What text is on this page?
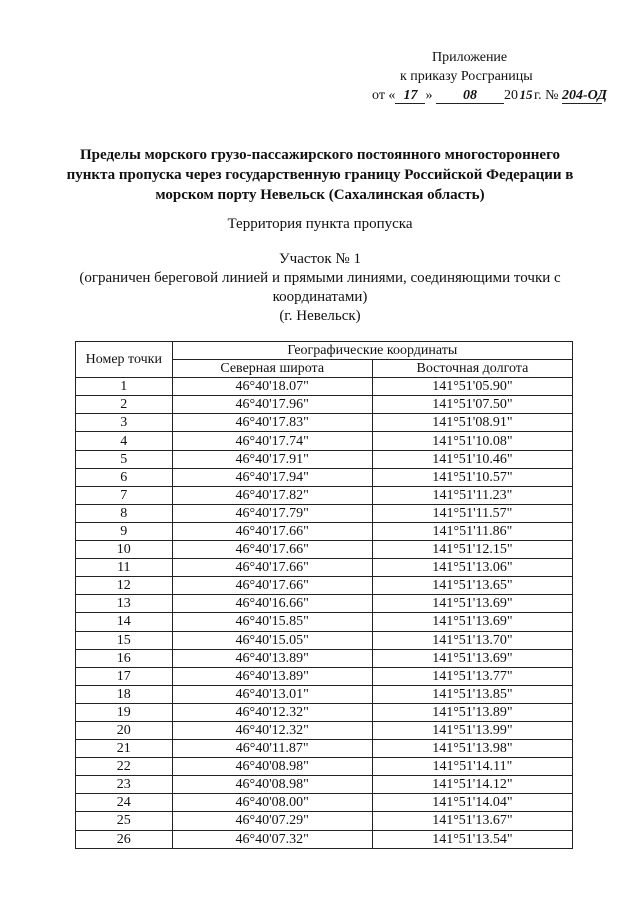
Приложение
к приказу Росграницы
от « 17 » 08 20 15 г. № 204-ОД
Пределы морского грузо-пассажирского постоянного многостороннего
пункта пропуска через государственную границу Российской Федерации в
морском порту Невельск (Сахалинская область)
Территория пункта пропуска
Участок № 1
(ограничен береговой линией и прямыми линиями, соединяющими точки с
координатами)
(г. Невельск)
Номер точки	Географические координаты	
	Северная широта	Восточная долгота
1	46°40'18.07"	141°51'05.90"
2	46°40'17.96"	141°51'07.50"
3	46°40'17.83"	141°51'08.91"
4	46°40'17.74"	141°51'10.08"
5	46°40'17.91"	141°51'10.46"
6	46°40'17.94"	141°51'10.57"
7	46°40'17.82"	141°51'11.23"
8	46°40'17.79"	141°51'11.57"
9	46°40'17.66"	141°51'11.86"
10	46°40'17.66"	141°51'12.15"
11	46°40'17.66"	141°51'13.06"
12	46°40'17.66"	141°51'13.65"
13	46°40'16.66"	141°51'13.69"
14	46°40'15.85"	141°51'13.69"
15	46°40'15.05"	141°51'13.70"
16	46°40'13.89"	141°51'13.69"
17	46°40'13.89"	141°51'13.77"
18	46°40'13.01"	141°51'13.85"
19	46°40'12.32"	141°51'13.89"
20	46°40'12.32"	141°51'13.99"
21	46°40'11.87"	141°51'13.98"
22	46°40'08.98"	141°51'14.11"
23	46°40'08.98"	141°51'14.12"
24	46°40'08.00"	141°51'14.04"
25	46°40'07.29"	141°51'13.67"
26	46°40'07.32"	141°51'13.54"
